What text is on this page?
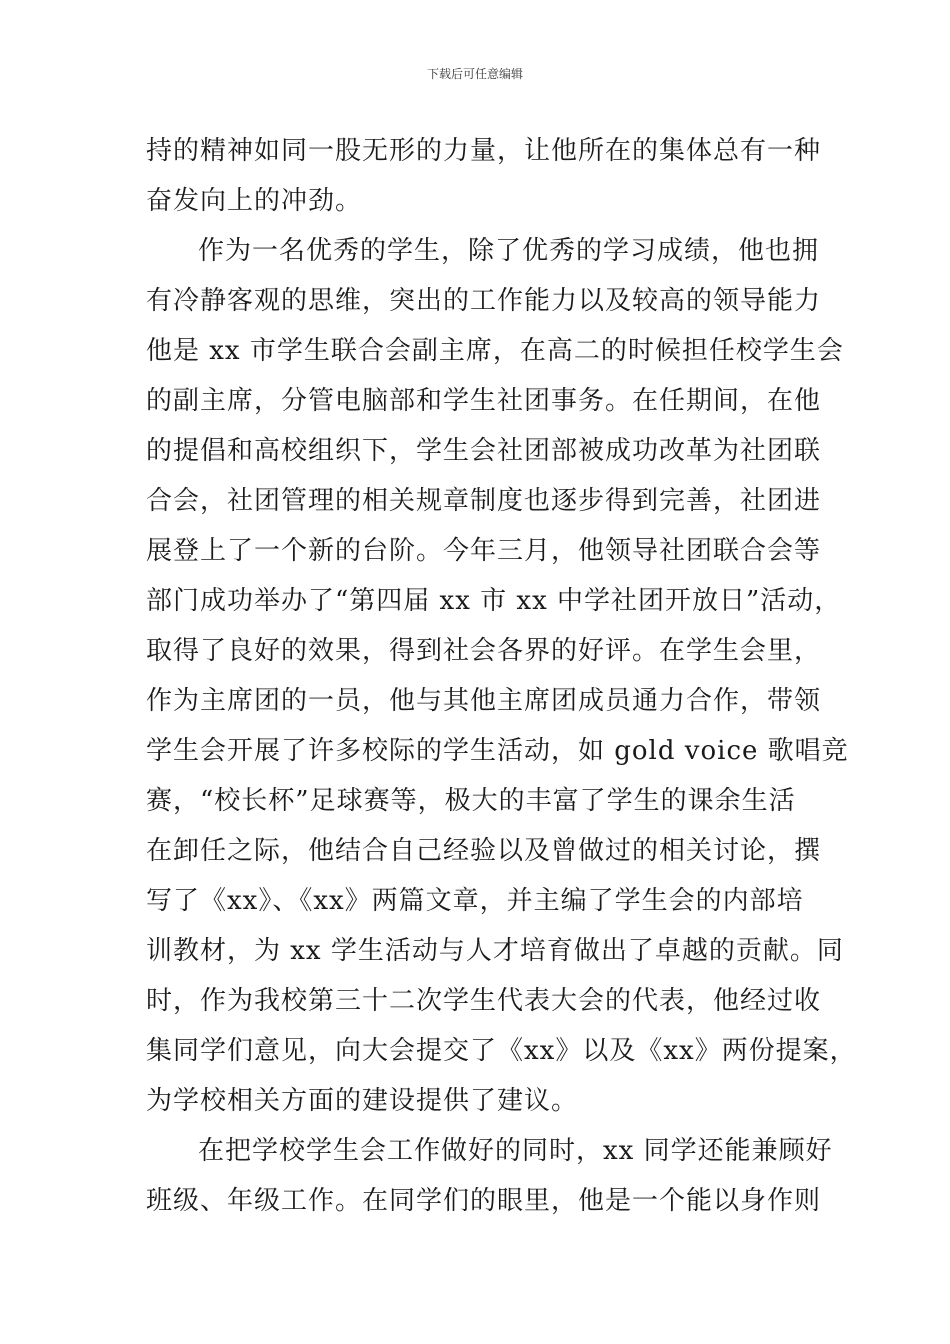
下载后可任意编辑
持的精神如同一股无形的力量，让他所在的集体总有一种
奋发向上的冲劲。
作为一名优秀的学生，除了优秀的学习成绩，他也拥
有冷静客观的思维，突出的工作能力以及较高的领导能力
他是 xx 市学生联合会副主席，在高二的时候担任校学生会
的副主席，分管电脑部和学生社团事务。在任期间，在他
的提倡和高校组织下，学生会社团部被成功改革为社团联
合会，社团管理的相关规章制度也逐步得到完善，社团进
展登上了一个新的台阶。今年三月，他领导社团联合会等
部门成功举办了“第四届 xx 市 xx 中学社团开放日”活动，
取得了良好的效果，得到社会各界的好评。在学生会里，
作为主席团的一员，他与其他主席团成员通力合作，带领
学生会开展了许多校际的学生活动，如 gold voice 歌唱竞
赛，“校长杯”足球赛等，极大的丰富了学生的课余生活
在卸任之际，他结合自己经验以及曾做过的相关讨论，撰
写了《xx》、《xx》两篇文章，并主编了学生会的内部培
训教材，为 xx 学生活动与人才培育做出了卓越的贡献。同
时，作为我校第三十二次学生代表大会的代表，他经过收
集同学们意见，向大会提交了《xx》以及《xx》两份提案，
为学校相关方面的建设提供了建议。
在把学校学生会工作做好的同时，xx 同学还能兼顾好
班级、年级工作。在同学们的眼里，他是一个能以身作则
